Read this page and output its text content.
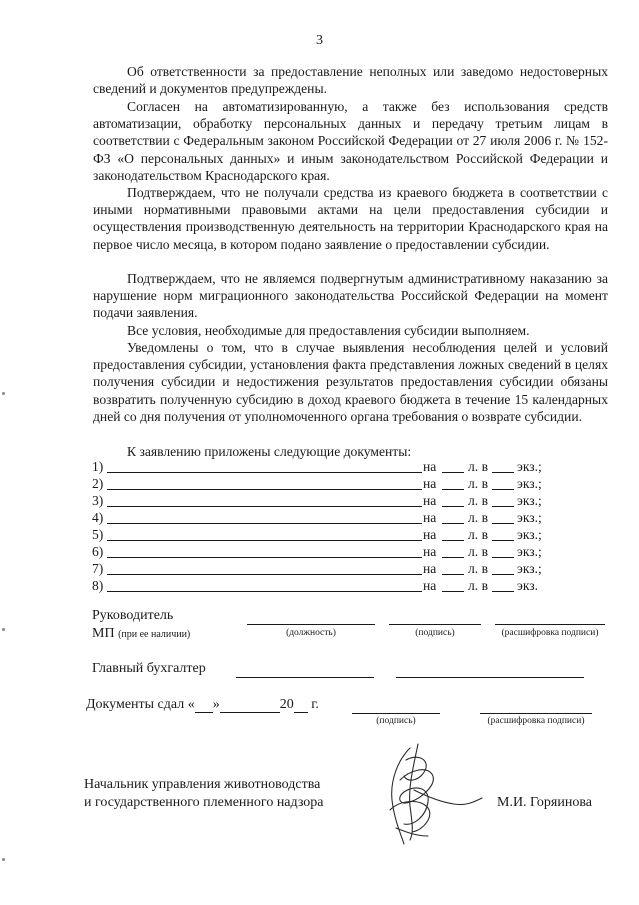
3

Об ответственности за предоставление неполных или заведомо недостоверных сведений и документов предупреждены.

Согласен на автоматизированную, а также без использования средств автоматизации, обработку персональных данных и передачу третьим лицам в соответствии с Федеральным законом Российской Федерации от 27 июля 2006 г. № 152-ФЗ «О персональных данных» и иным законодательством Российской Федерации и законодательством Краснодарского края.

Подтверждаем, что не получали средства из краевого бюджета в соответствии с иными нормативными правовыми актами на цели предоставления субсидии и осуществления производственную деятельность на территории Краснодарского края на первое число месяца, в котором подано заявление о предоставлении субсидии.

Подтверждаем, что не являемся подвергнутым административному наказанию за нарушение норм миграционного законодательства Российской Федерации на момент подачи заявления.

Все условия, необходимые для предоставления субсидии выполняем.

Уведомлены о том, что в случае выявления несоблюдения целей и условий предоставления субсидии, установления факта представления ложных сведений в целях получения субсидии и недостижения результатов предоставления субсидии обязаны возвратить полученную субсидию в доход краевого бюджета в течение 15 календарных дней со дня получения от уполномоченного органа требования о возврате субсидии.

К заявлению приложены следующие документы:

1)	на л. в экз.;
2)	на л. в экз.;
3)	на л. в экз.;
4)	на л. в экз.;
5)	на л. в экз.;
6)	на л. в экз.;
7)	на л. в экз.;
8)	на л. в экз.
Руководитель
МП (при ее наличии)	(должность)	(подпись)	(расшифровка подписи)
Главный бухгалтер
Документы сдал « »	20 г.
(подпись)	(расшифровка подписи)
Начальник управления животноводства
и государственного племенного надзора	М.И. Горяинова
